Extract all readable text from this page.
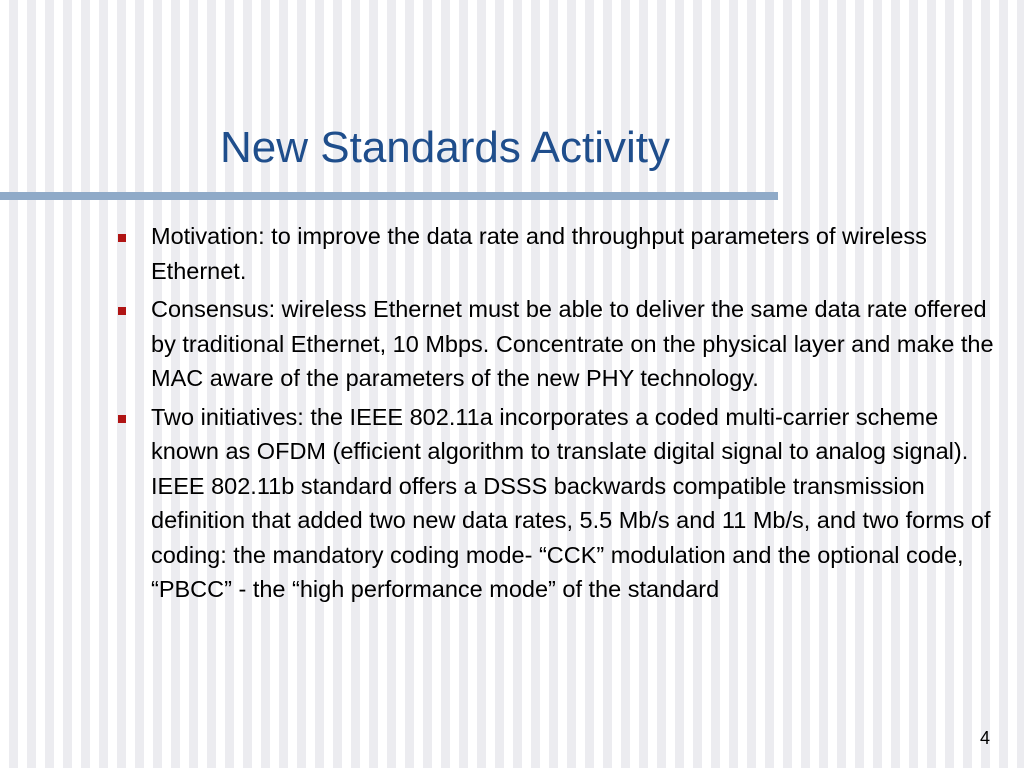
New Standards Activity
Motivation: to improve the data rate and throughput parameters of wireless Ethernet.
Consensus: wireless Ethernet must be able to deliver the same data rate offered by traditional Ethernet, 10 Mbps. Concentrate on the physical layer and make the MAC aware of the parameters of the new PHY technology.
Two initiatives: the IEEE 802.11a incorporates a coded multi-carrier scheme known as OFDM (efficient algorithm to translate digital signal to analog signal). IEEE 802.11b standard offers a DSSS backwards compatible transmission definition that added two new data rates, 5.5 Mb/s and 11 Mb/s, and two forms of coding: the mandatory coding mode- “CCK” modulation and the optional code, “PBCC” - the “high performance mode” of the standard
4
